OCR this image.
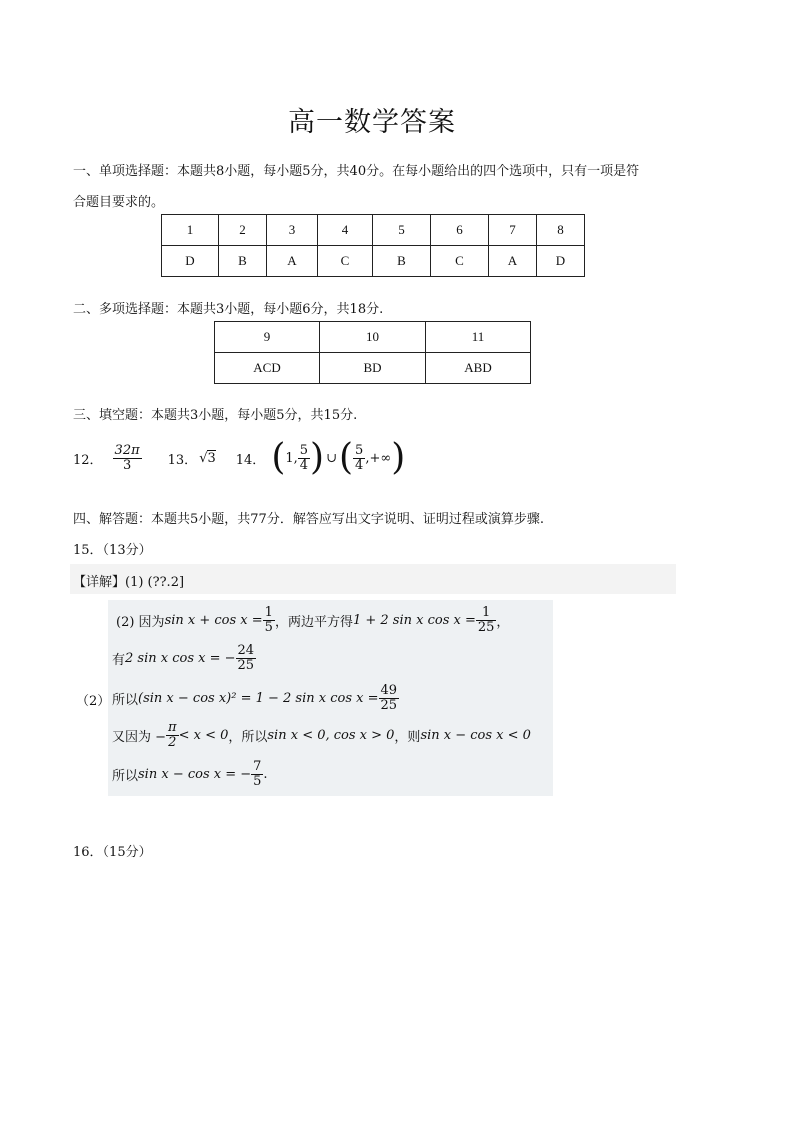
高一数学答案
一、单项选择题：本题共8小题，每小题5分，共40分。在每小题给出的四个选项中，只有一项是符
合题目要求的。
1	2	3	4	5	6	7	8
D	B	A	C	B	C	A	D
二、多项选择题：本题共3小题，每小题6分，共18分.
9	10	11
ACD	BD	ABD
三、填空题：本题共3小题，每小题5分，共15分.
12． $\frac{32\pi}{3} 13$． √3 14． ( 1, $\frac{5}{4}$ ) ∪ ( $\frac{5}{4}$ ,+∞ )
四、解答题：本题共5小题，共77分．解答应写出文字说明、证明过程或演算步骤.
15．（13分）
【详解】(1) (??.2]
（2）
(2) 因为 $\sin x + \cos x = \frac{1}{5}$ ，两边平方得 1 + 2 sin x $\cos x = \frac{1}{25}$ ，
有 2 sin x cos x = − $\frac{24}{25}$
所以 (sin x − cos x)² = 1 − 2 sin x $\cos x = \frac{49}{25}$
又因为 − $\frac{\pi}{2} < x < 0$ ，所以 sin x < 0, cos x > 0 ，则 sin x − cos x < 0
所以 sin x − cos x = − $\frac{7}{5}$ .
16．（15分）
